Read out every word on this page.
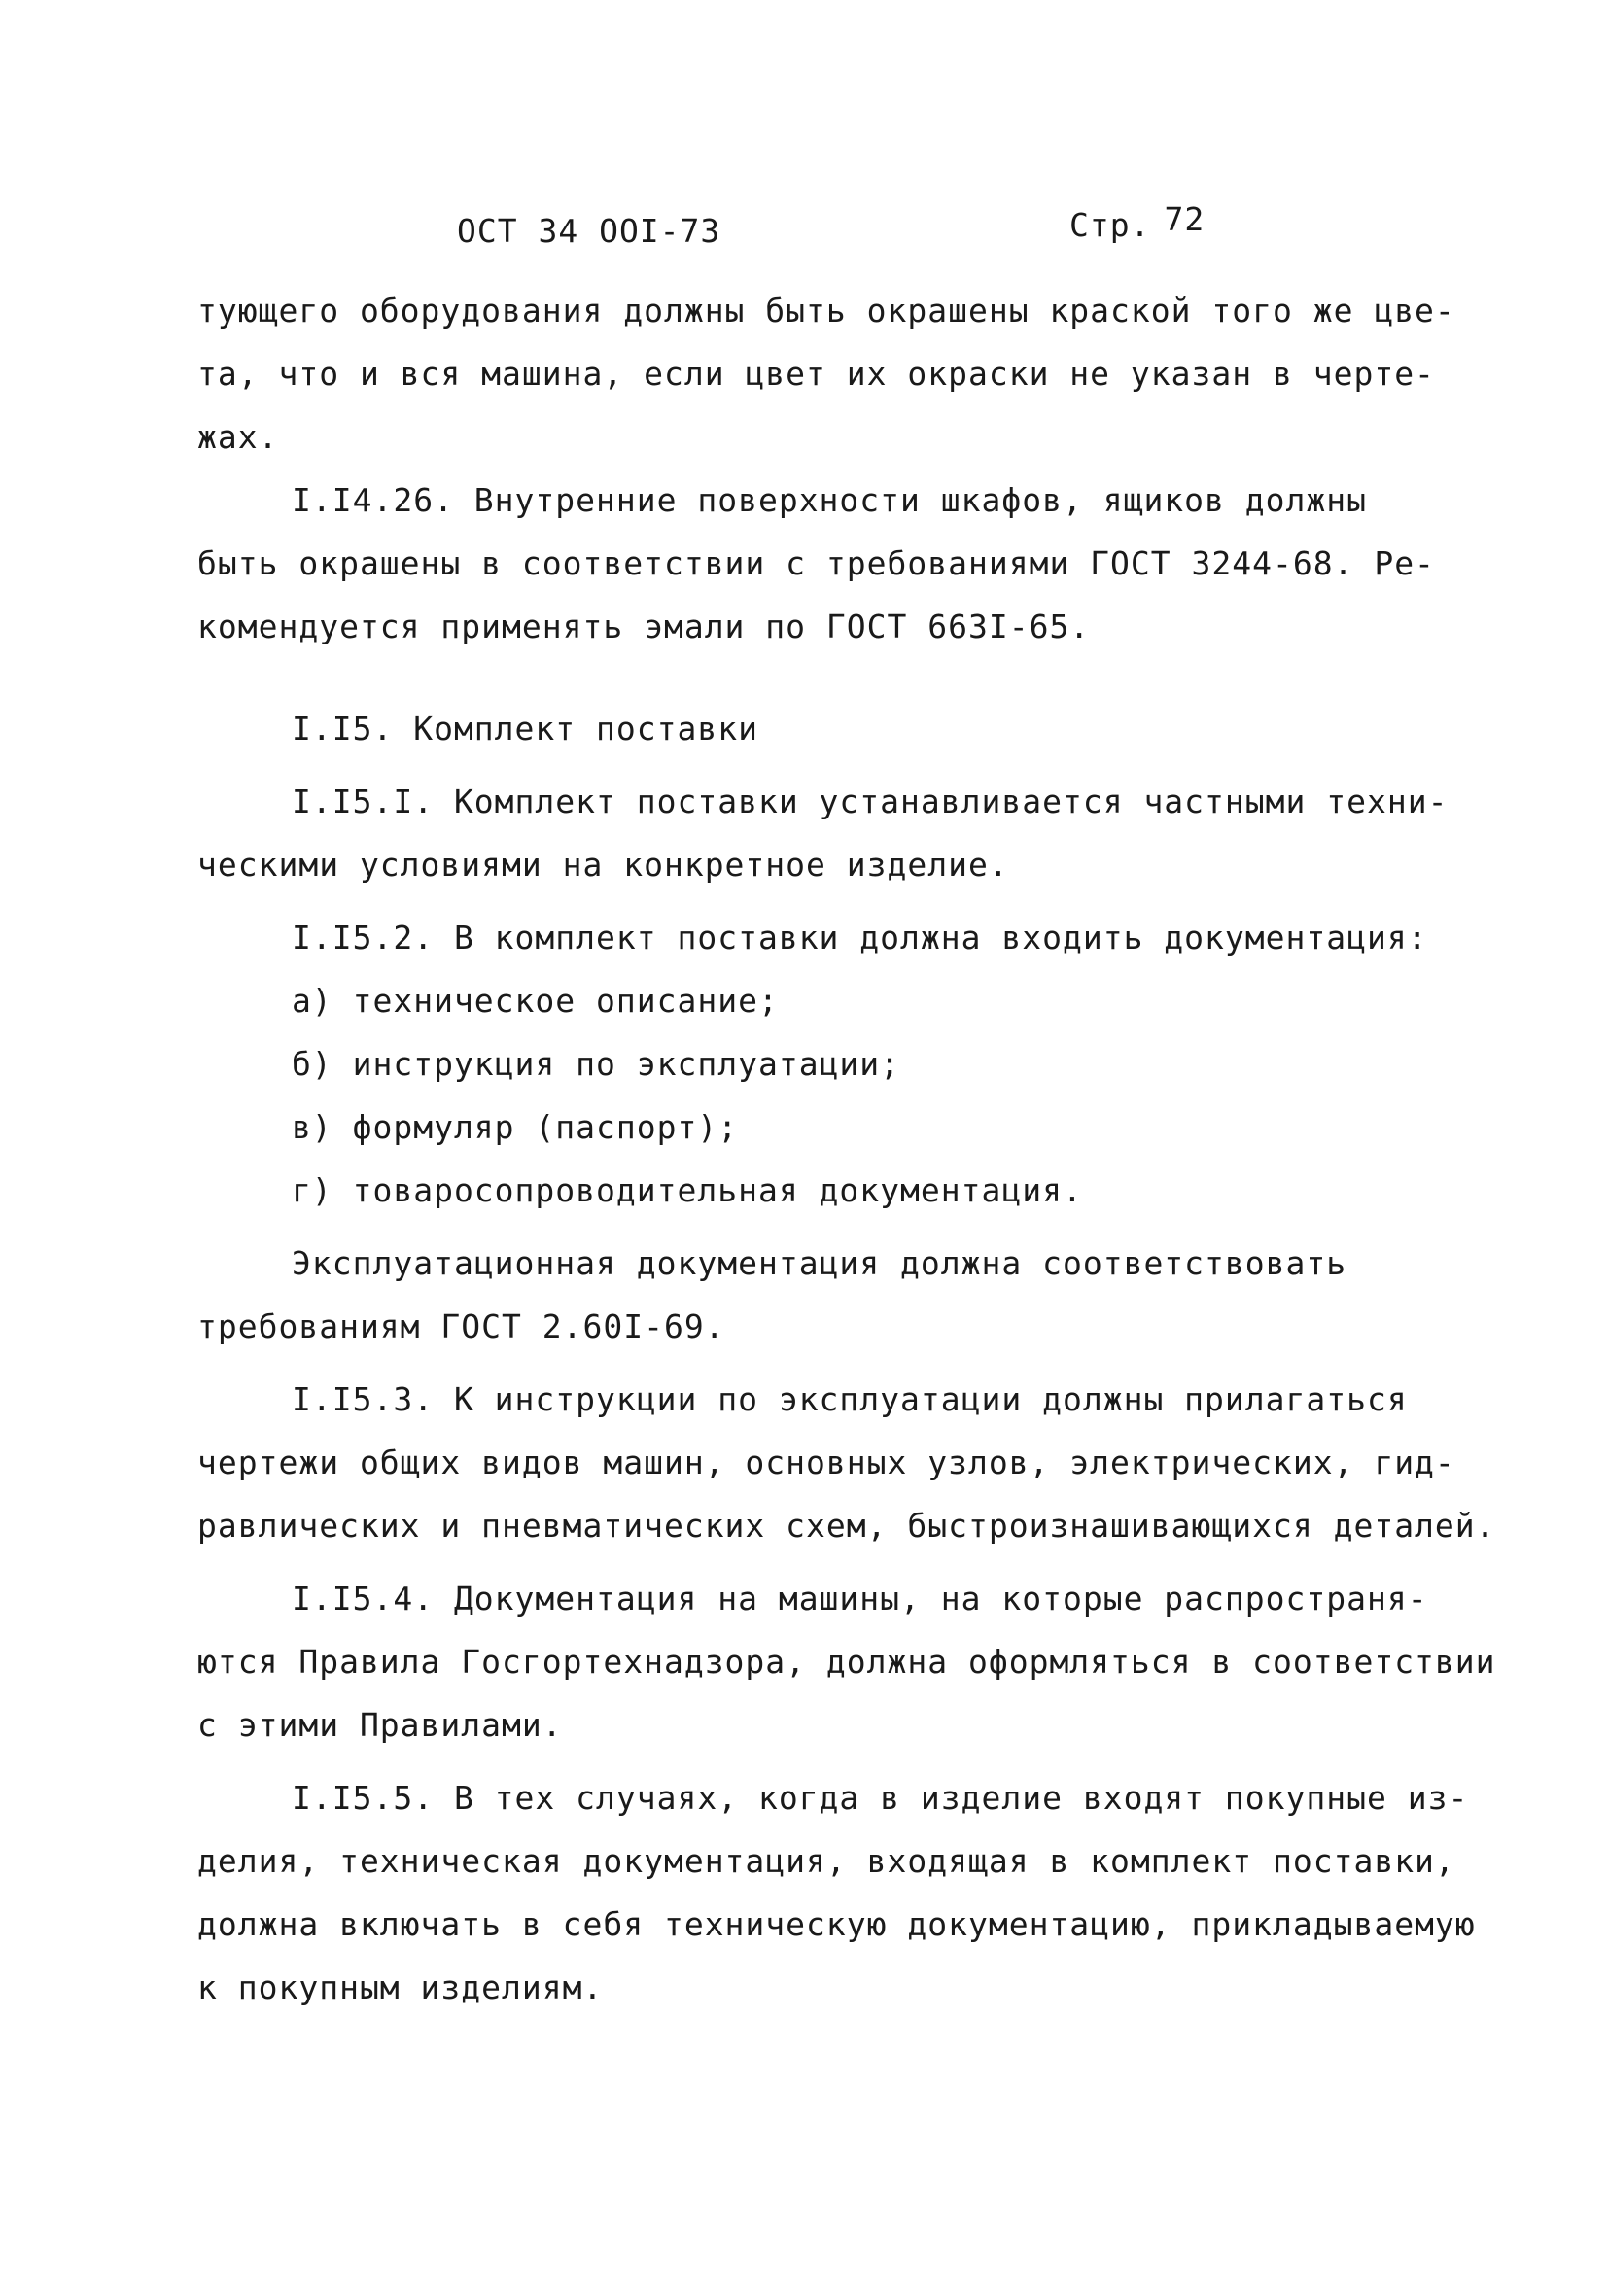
ОСТ 34 OOI-73	Стр. 72
тующего оборудования должны быть окрашены краской того же цве-
та, что и вся машина, если цвет их окраски не указан в черте-
жах.
I.I4.26. Внутренние поверхности шкафов, ящиков должны
быть окрашены в соответствии с требованиями ГОСТ 3244-68. Ре-
комендуется применять эмали по ГОСТ 663I-65.
I.I5. Комплект поставки
I.I5.I. Комплект поставки устанавливается частными техни-
ческими условиями на конкретное изделие.
I.I5.2. В комплект поставки должна входить документация:
а) техническое описание;
б) инструкция по эксплуатации;
в) формуляр (паспорт);
г) товаросопроводительная документация.
Эксплуатационная документация должна соответствовать
требованиям ГОСТ 2.60I-69.
I.I5.3. К инструкции по эксплуатации должны прилагаться
чертежи общих видов машин, основных узлов, электрических, гид-
равлических и пневматических схем, быстроизнашивающихся деталей.
I.I5.4. Документация на машины, на которые распространя-
ются Правила Госгортехнадзора, должна оформляться в соответствии
с этими Правилами.
I.I5.5. В тех случаях, когда в изделие входят покупные из-
делия, техническая документация, входящая в комплект поставки,
должна включать в себя техническую документацию, прикладываемую
к покупным изделиям.
